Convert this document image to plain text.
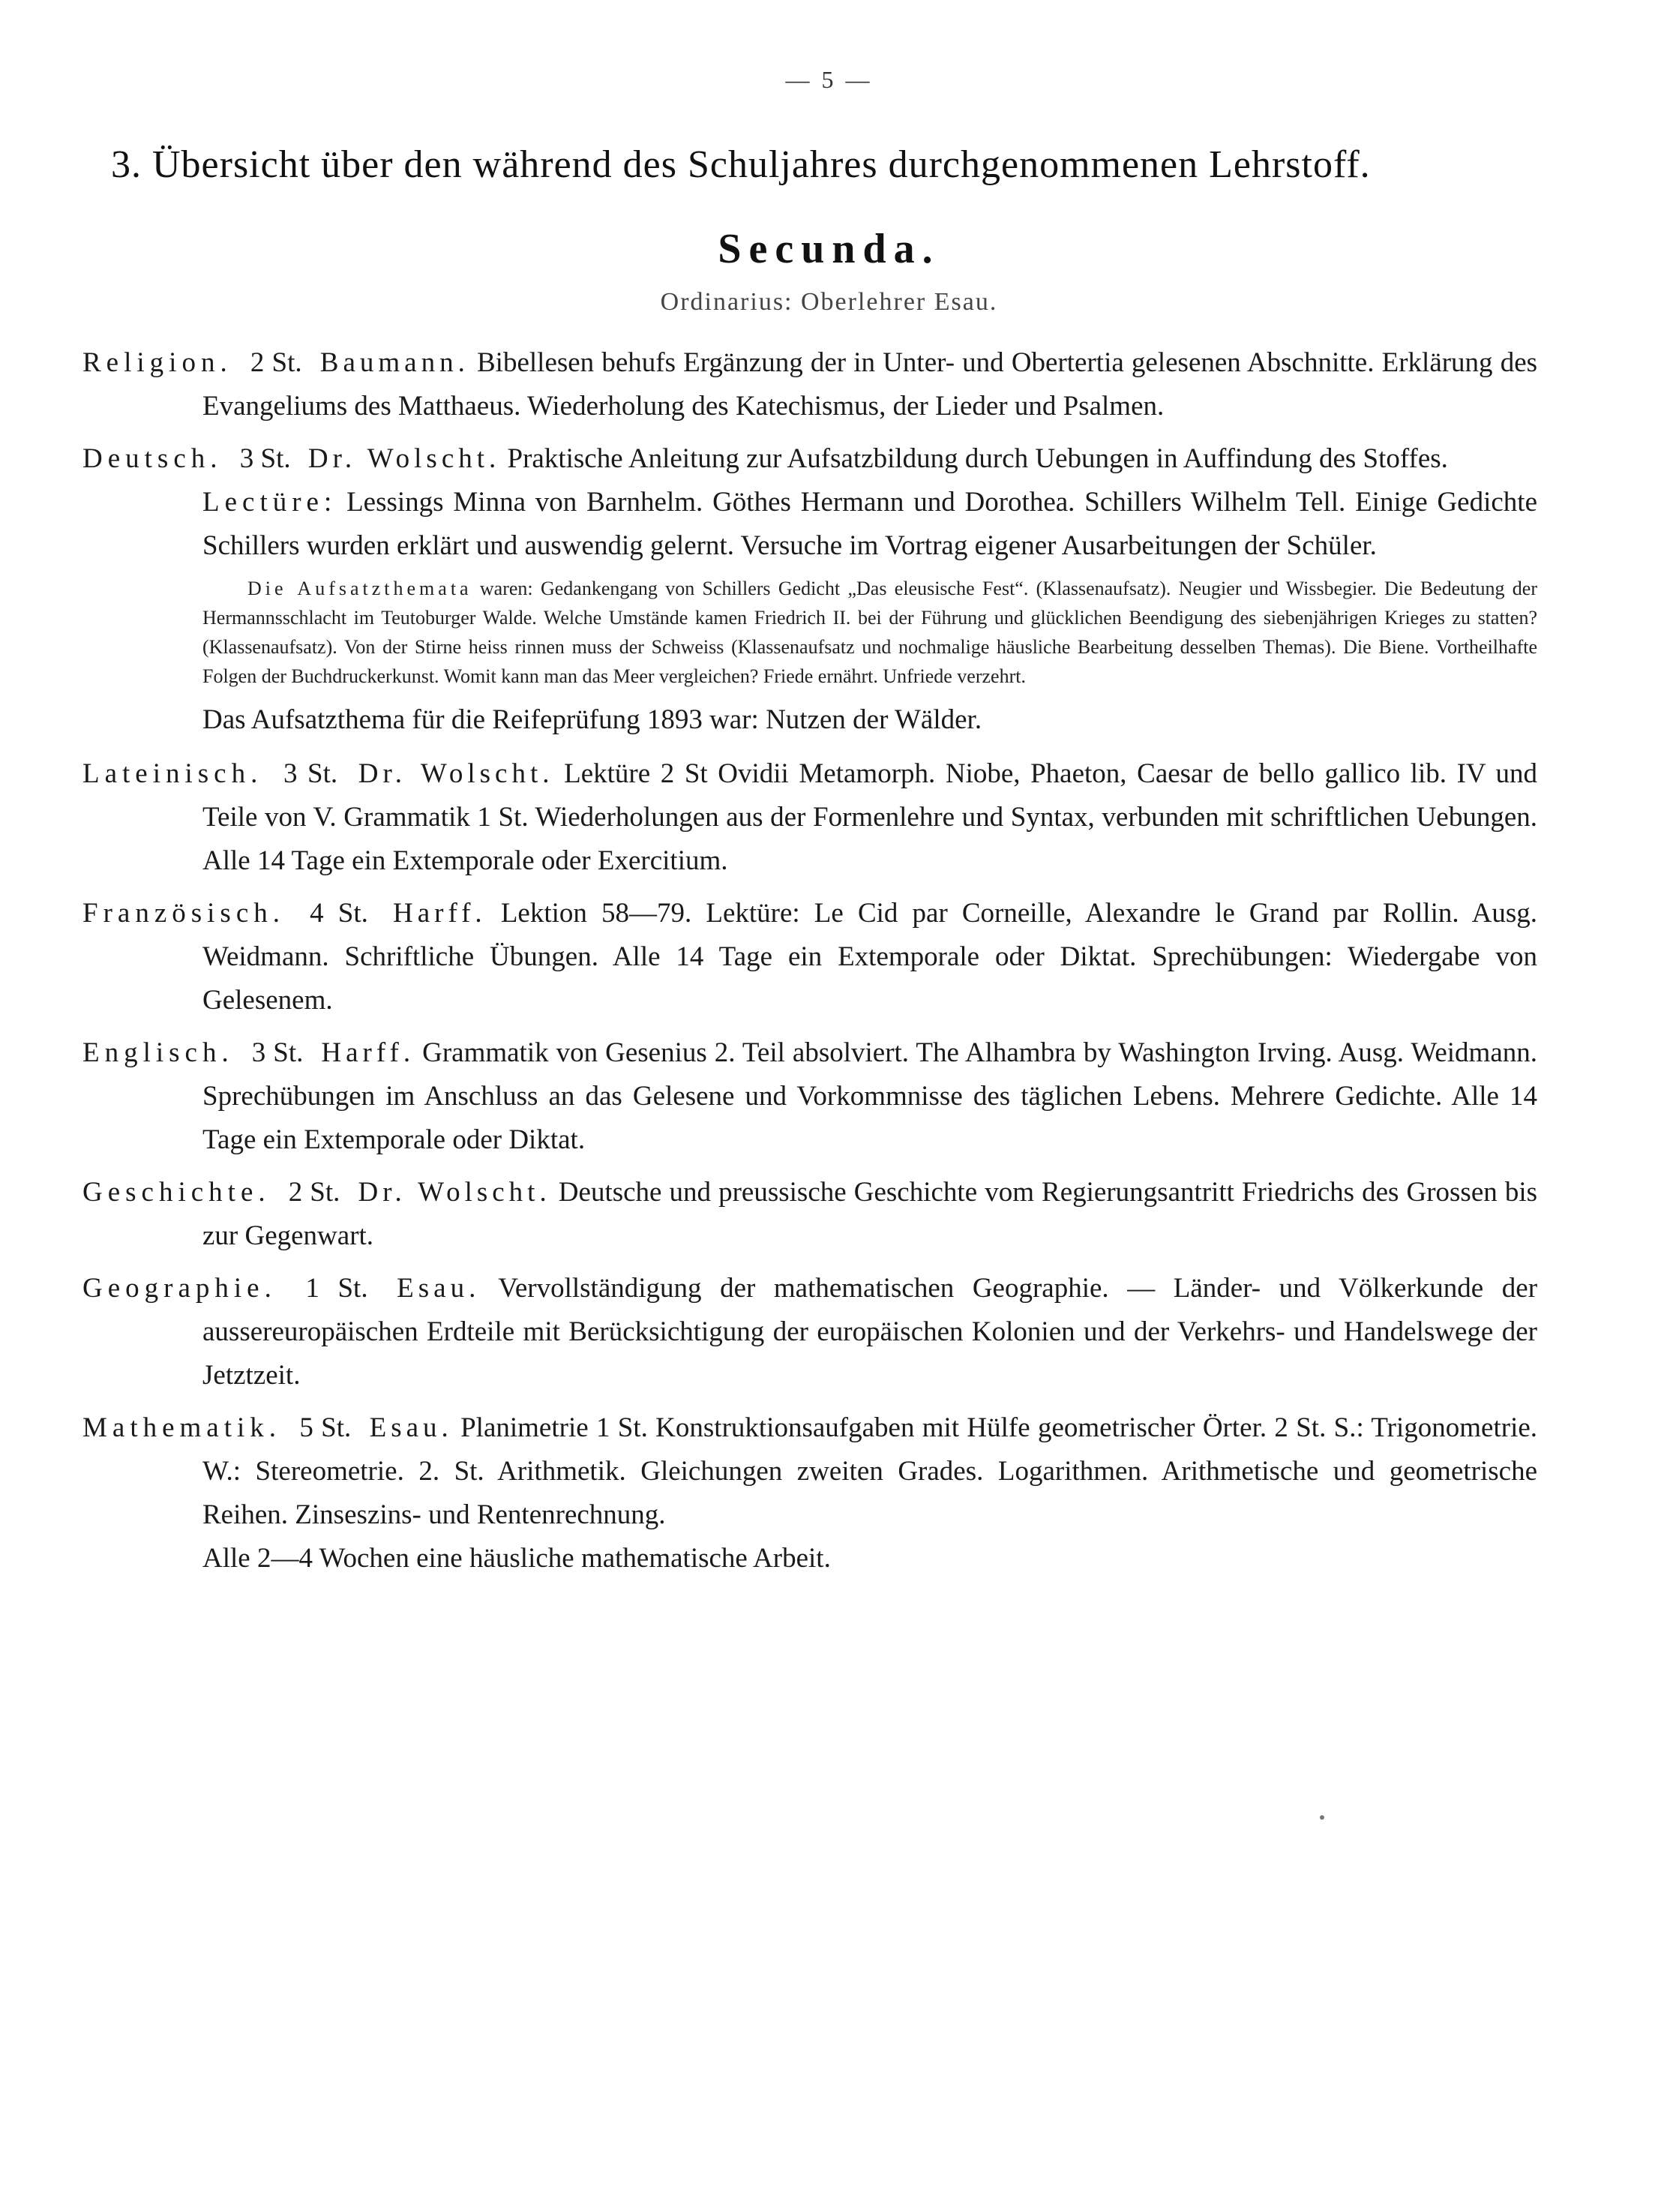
— 5 —
3. Übersicht über den während des Schuljahres durchgenommenen Lehrstoff.
Secunda.
Ordinarius: Oberlehrer Esau.
Religion. 2 St. Baumann. Bibellesen behufs Ergänzung der in Unter- und Obertertia gelesenen Abschnitte. Erklärung des Evangeliums des Matthaeus. Wiederholung des Katechismus, der Lieder und Psalmen.
Deutsch. 3 St. Dr. Wolscht. Praktische Anleitung zur Aufsatzbildung durch Uebungen in Auffindung des Stoffes.

Lectüre: Lessings Minna von Barnhelm. Göthes Hermann und Dorothea. Schillers Wilhelm Tell. Einige Gedichte Schillers wurden erklärt und auswendig gelernt. Versuche im Vortrag eigener Ausarbeitungen der Schüler.

Die Aufsatzthemata waren: Gedankengang von Schillers Gedicht „Das eleusische Fest“. (Klassenaufsatz). Neugier und Wissbegier. Die Bedeutung der Hermannsschlacht im Teutoburger Walde. Welche Umstände kamen Friedrich II. bei der Führung und glücklichen Beendigung des siebenjährigen Krieges zu statten? (Klassenaufsatz). Von der Stirne heiss rinnen muss der Schweiss (Klassenaufsatz und nochmalige häusliche Bearbeitung desselben Themas). Die Biene. Vortheilhafte Folgen der Buchdruckerkunst. Womit kann man das Meer vergleichen? Friede ernährt. Unfriede verzehrt.

Das Aufsatzthema für die Reifeprüfung 1893 war: Nutzen der Wälder.

Lateinisch. 3 St. Dr. Wolscht. Lektüre 2 St Ovidii Metamorph. Niobe, Phaeton, Caesar de bello gallico lib. IV und Teile von V. Grammatik 1 St. Wiederholungen aus der Formenlehre und Syntax, verbunden mit schriftlichen Uebungen. Alle 14 Tage ein Extemporale oder Exercitium.
Französisch. 4 St. Harff. Lektion 58—79. Lektüre: Le Cid par Corneille, Alexandre le Grand par Rollin. Ausg. Weidmann. Schriftliche Übungen. Alle 14 Tage ein Extemporale oder Diktat. Sprechübungen: Wiedergabe von Gelesenem.
Englisch. 3 St. Harff. Grammatik von Gesenius 2. Teil absolviert. The Alhambra by Washington Irving. Ausg. Weidmann. Sprechübungen im Anschluss an das Gelesene und Vorkommnisse des täglichen Lebens. Mehrere Gedichte. Alle 14 Tage ein Extemporale oder Diktat.
Geschichte. 2 St. Dr. Wolscht. Deutsche und preussische Geschichte vom Regierungsantritt Friedrichs des Grossen bis zur Gegenwart.
Geographie. 1 St. Esau. Vervollständigung der mathematischen Geographie. — Länder- und Völkerkunde der aussereuropäischen Erdteile mit Berücksichtigung der europäischen Kolonien und der Verkehrs- und Handelswege der Jetztzeit.
Mathematik. 5 St. Esau. Planimetrie 1 St. Konstruktionsaufgaben mit Hülfe geometrischer Örter. 2 St. S.: Trigonometrie. W.: Stereometrie. 2. St. Arithmetik. Gleichungen zweiten Grades. Logarithmen. Arithmetische und geometrische Reihen. Zinseszins- und Rentenrechnung.

Alle 2—4 Wochen eine häusliche mathematische Arbeit.
